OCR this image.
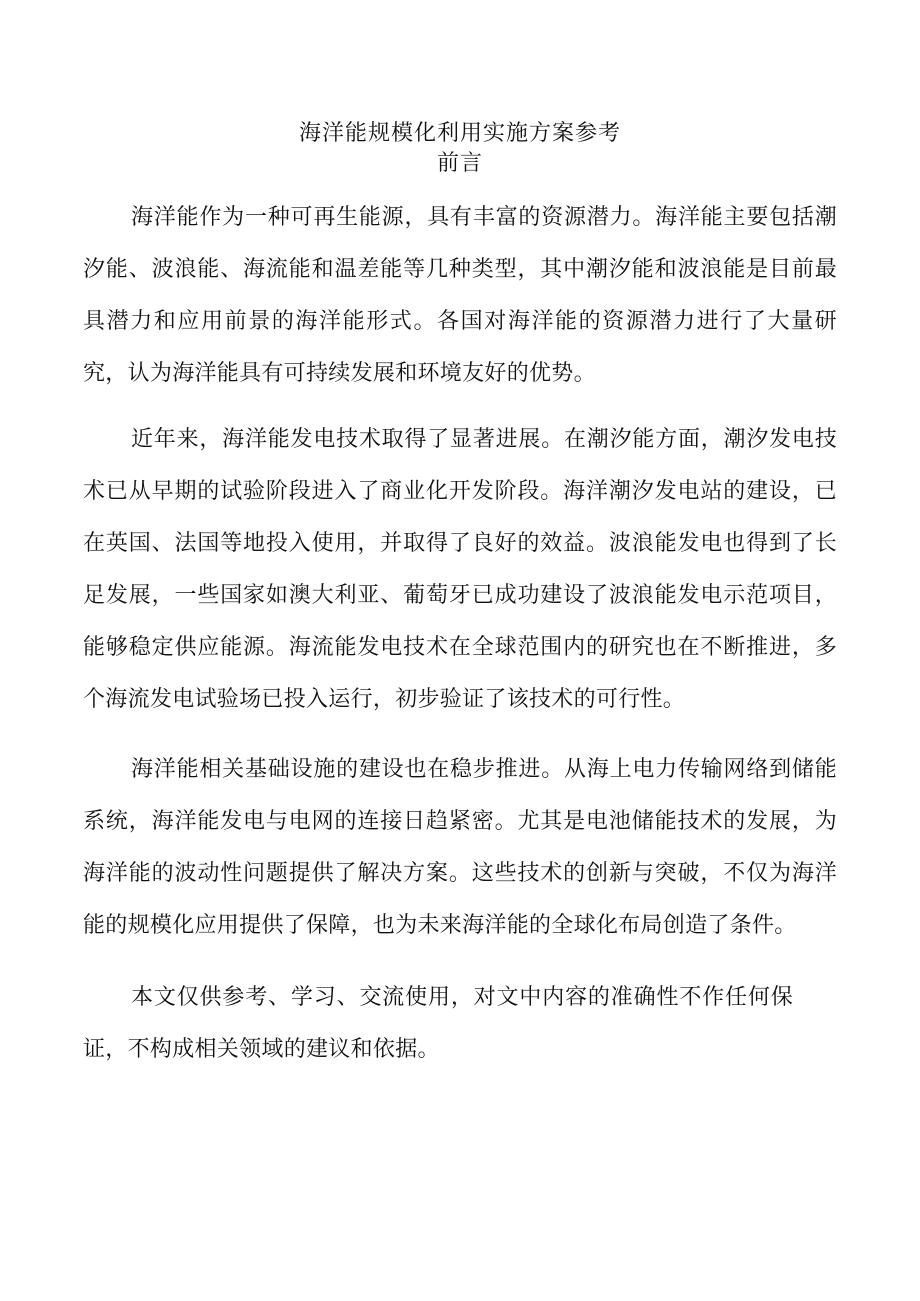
海洋能规模化利用实施方案参考
前言

海洋能作为一种可再生能源，具有丰富的资源潜力。海洋能主要包括潮汐能、波浪能、海流能和温差能等几种类型，其中潮汐能和波浪能是目前最具潜力和应用前景的海洋能形式。各国对海洋能的资源潜力进行了大量研究，认为海洋能具有可持续发展和环境友好的优势。

近年来，海洋能发电技术取得了显著进展。在潮汐能方面，潮汐发电技术已从早期的试验阶段进入了商业化开发阶段。海洋潮汐发电站的建设，已在英国、法国等地投入使用，并取得了良好的效益。波浪能发电也得到了长足发展，一些国家如澳大利亚、葡萄牙已成功建设了波浪能发电示范项目，能够稳定供应能源。海流能发电技术在全球范围内的研究也在不断推进，多个海流发电试验场已投入运行，初步验证了该技术的可行性。

海洋能相关基础设施的建设也在稳步推进。从海上电力传输网络到储能系统，海洋能发电与电网的连接日趋紧密。尤其是电池储能技术的发展，为海洋能的波动性问题提供了解决方案。这些技术的创新与突破，不仅为海洋能的规模化应用提供了保障，也为未来海洋能的全球化布局创造了条件。

本文仅供参考、学习、交流使用，对文中内容的准确性不作任何保证，不构成相关领域的建议和依据。
